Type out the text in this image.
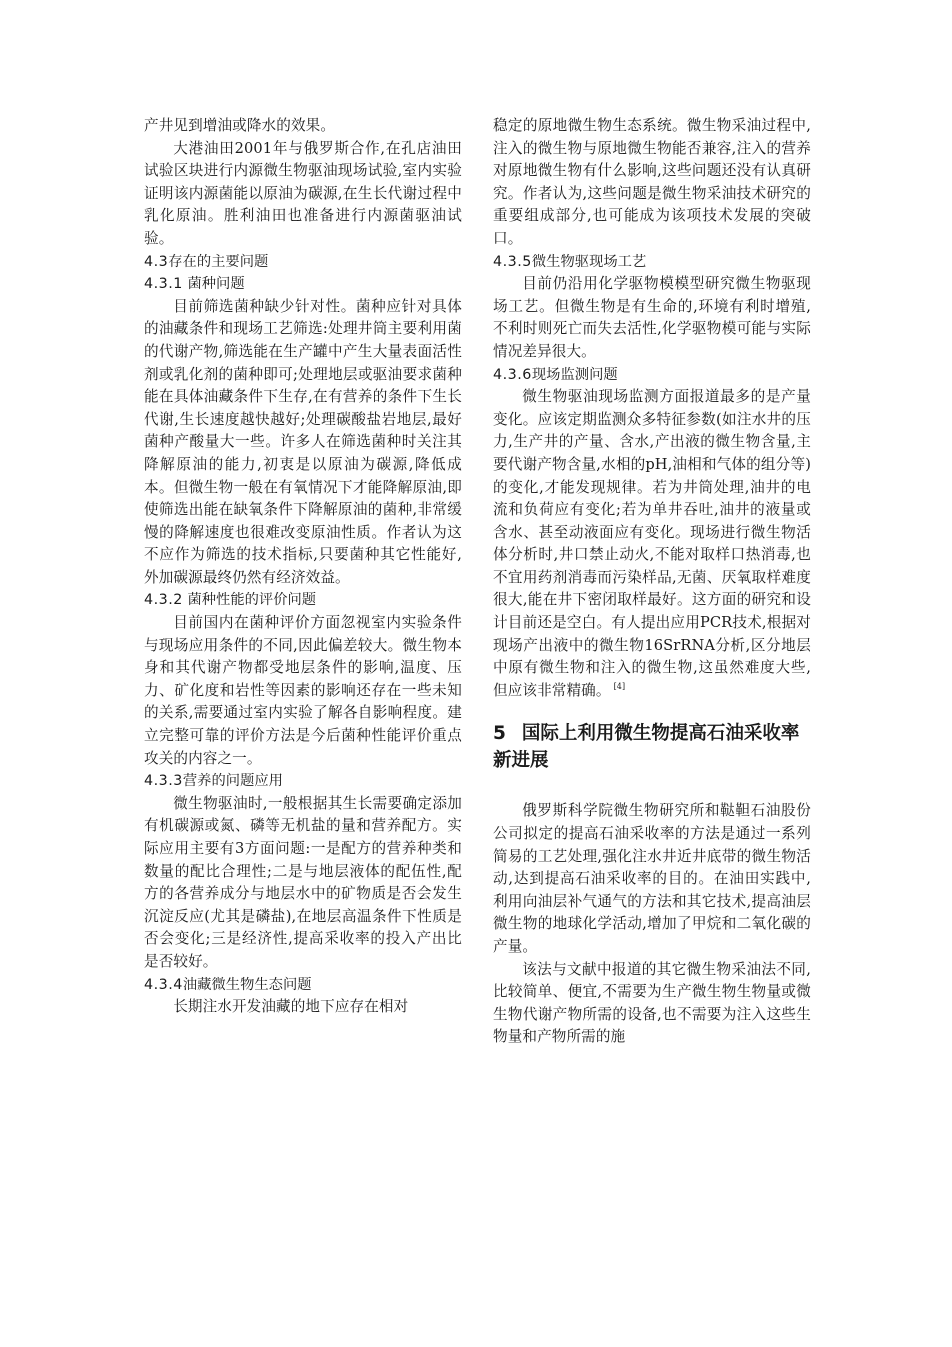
产井见到增油或降水的效果。

大港油田2001年与俄罗斯合作,在孔店油田试验区块进行内源微生物驱油现场试验,室内实验证明该内源菌能以原油为碳源,在生长代谢过程中乳化原油。胜利油田也准备进行内源菌驱油试验。

4.3存在的主要问题
4.3.1 菌种问题

目前筛选菌种缺少针对性。菌种应针对具体的油藏条件和现场工艺筛选:处理井筒主要利用菌的代谢产物,筛选能在生产罐中产生大量表面活性剂或乳化剂的菌种即可;处理地层或驱油要求菌种能在具体油藏条件下生存,在有营养的条件下生长代谢,生长速度越快越好;处理碳酸盐岩地层,最好菌种产酸量大一些。许多人在筛选菌种时关注其降解原油的能力,初衷是以原油为碳源,降低成本。但微生物一般在有氧情况下才能降解原油,即使筛选出能在缺氧条件下降解原油的菌种,非常缓慢的降解速度也很难改变原油性质。作者认为这不应作为筛选的技术指标,只要菌种其它性能好,外加碳源最终仍然有经济效益。

4.3.2 菌种性能的评价问题

目前国内在菌种评价方面忽视室内实验条件与现场应用条件的不同,因此偏差较大。微生物本身和其代谢产物都受地层条件的影响,温度、压力、矿化度和岩性等因素的影响还存在一些未知的关系,需要通过室内实验了解各自影响程度。建立完整可靠的评价方法是今后菌种性能评价重点攻关的内容之一。

4.3.3营养的问题应用

微生物驱油时,一般根据其生长需要确定添加有机碳源或氮、磷等无机盐的量和营养配方。实际应用主要有3方面问题:一是配方的营养种类和数量的配比合理性;二是与地层液体的配伍性,配方的各营养成分与地层水中的矿物质是否会发生沉淀反应(尤其是磷盐),在地层高温条件下性质是否会变化;三是经济性,提高采收率的投入产出比是否较好。

4.3.4油藏微生物生态问题

长期注水开发油藏的地下应存在相对

稳定的原地微生物生态系统。微生物采油过程中,注入的微生物与原地微生物能否兼容,注入的营养对原地微生物有什么影响,这些问题还没有认真研究。作者认为,这些问题是微生物采油技术研究的重要组成部分,也可能成为该项技术发展的突破口。

4.3.5微生物驱现场工艺

目前仍沿用化学驱物模模型研究微生物驱现场工艺。但微生物是有生命的,环境有利时增殖,不利时则死亡而失去活性,化学驱物模可能与实际情况差异很大。

4.3.6现场监测问题

微生物驱油现场监测方面报道最多的是产量变化。应该定期监测众多特征参数(如注水井的压力,生产井的产量、含水,产出液的微生物含量,主要代谢产物含量,水相的pH,油相和气体的组分等)的变化,才能发现规律。若为井筒处理,油井的电流和负荷应有变化;若为单井吞吐,油井的液量或含水、甚至动液面应有变化。现场进行微生物活体分析时,井口禁止动火,不能对取样口热消毒,也不宜用药剂消毒而污染样品,无菌、厌氧取样难度很大,能在井下密闭取样最好。这方面的研究和设计目前还是空白。有人提出应用PCR技术,根据对现场产出液中的微生物16SrRNA分析,区分地层中原有微生物和注入的微生物,这虽然难度大些,但应该非常精确。 [4]

5 国际上利用微生物提高石油采收率新进展

俄罗斯科学院微生物研究所和鞑靼石油股份公司拟定的提高石油采收率的方法是通过一系列简易的工艺处理,强化注水井近井底带的微生物活动,达到提高石油采收率的目的。在油田实践中,利用向油层补气通气的方法和其它技术,提高油层微生物的地球化学活动,增加了甲烷和二氧化碳的产量。

该法与文献中报道的其它微生物采油法不同,比较简单、便宜,不需要为生产微生物生物量或微生物代谢产物所需的设备,也不需要为注入这些生物量和产物所需的施
